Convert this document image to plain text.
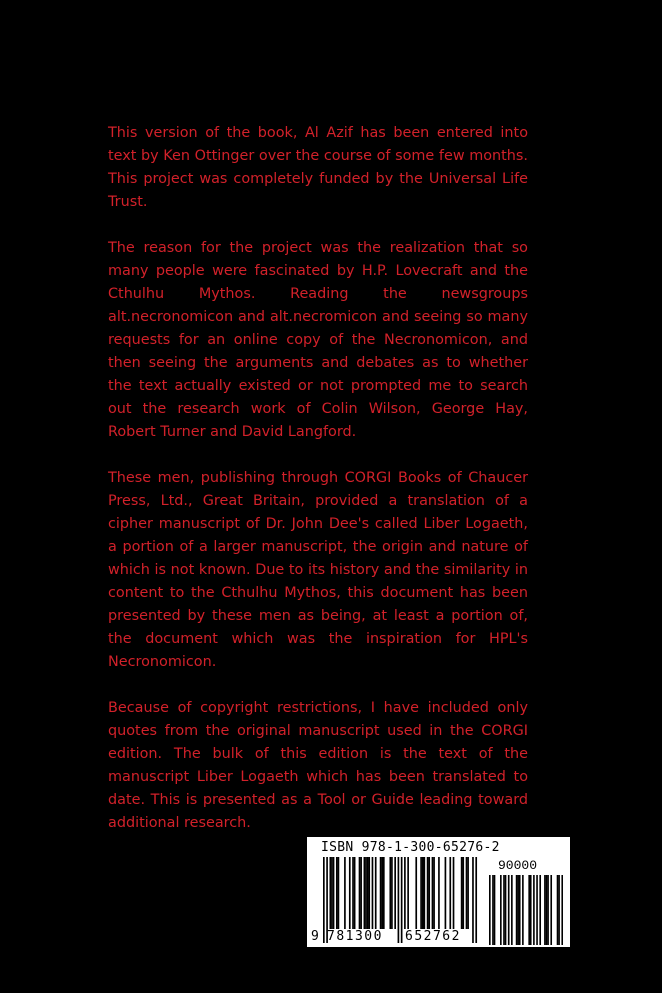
This version of the book, Al Azif has been entered into text by Ken Ottinger over the course of some few months. This project was completely funded by the Universal Life Trust.

The reason for the project was the realization that so many people were fascinated by H.P. Lovecraft and the Cthulhu Mythos. Reading the newsgroups alt.necronomicon and alt.necromicon and seeing so many requests for an online copy of the Necronomicon, and then seeing the arguments and debates as to whether the text actually existed or not prompted me to search out the research work of Colin Wilson, George Hay, Robert Turner and David Langford.

These men, publishing through CORGI Books of Chaucer Press, Ltd., Great Britain, provided a translation of a cipher manuscript of Dr. John Dee's called Liber Logaeth, a portion of a larger manuscript, the origin and nature of which is not known. Due to its history and the similarity in content to the Cthulhu Mythos, this document has been presented by these men as being, at least a portion of, the document which was the inspiration for HPL's Necronomicon.

Because of copyright restrictions, I have included only quotes from the original manuscript used in the CORGI edition. The bulk of this edition is the text of the manuscript Liber Logaeth which has been translated to date. This is presented as a Tool or Guide leading toward additional research.

ISBN 978-1-300-65276-2
90000
9 781300 652762
